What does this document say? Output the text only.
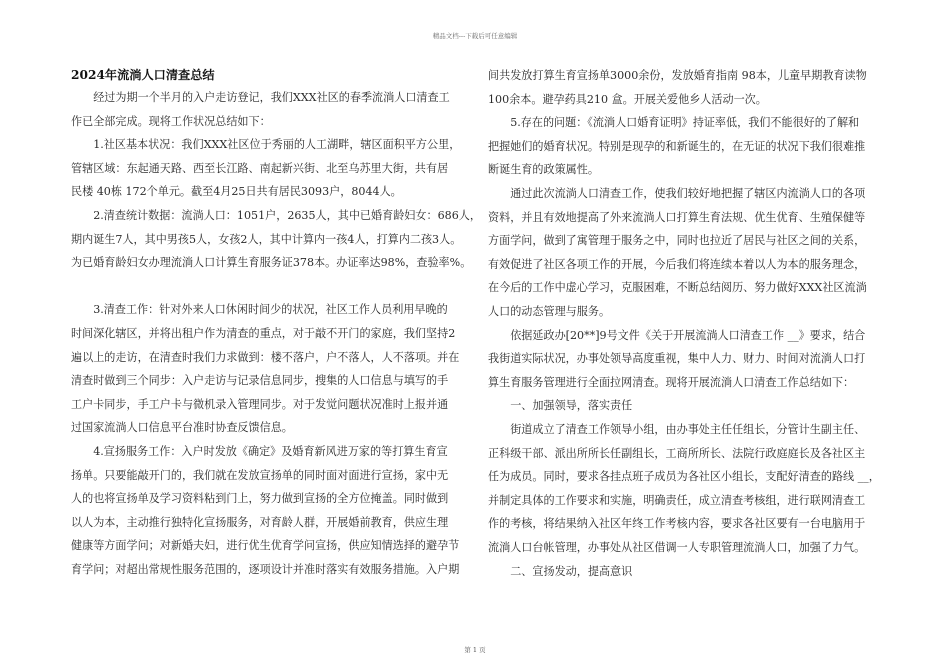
精品文档---下载后可任意编辑
2024年流淌人口清查总结
　　经过为期一个半月的入户走访登记，我们XXX社区的春季流淌人口清查工
作已全部完成。现将工作状况总结如下：
　　1.社区基本状况：我们XXX社区位于秀丽的人工湖畔，辖区面积平方公里，
管辖区域：东起通天路、西至长江路、南起新兴街、北至乌苏里大街，共有居
民楼 40栋 172个单元。截至4月25日共有居民3093户，8044人。
　　2.清查统计数据：流淌人口：1051户，2635人，其中已婚育龄妇女：686人，
期内诞生7人，其中男孩5人，女孩2人，其中计算内一孩4人，打算内二孩3人。
为已婚育龄妇女办理流淌人口计算生育服务证378本。办证率达98%，查验率%。
　　3.清查工作：针对外来人口休闲时间少的状况，社区工作人员利用早晚的
时间深化辖区，并将出租户作为清查的重点，对于敲不开门的家庭，我们坚持2
遍以上的走访，在清查时我们力求做到：楼不落户，户不落人，人不落项。并在
清查时做到三个同步：入户走访与记录信息同步，搜集的人口信息与填写的手
工户卡同步，手工户卡与微机录入管理同步。对于发觉问题状况准时上报并通
过国家流淌人口信息平台准时协查反馈信息。
　　4.宣扬服务工作：入户时发放《确定》及婚育新风进万家的等打算生育宣
扬单。只要能敲开门的，我们就在发放宣扬单的同时面对面进行宣扬，家中无
人的也将宣扬单及学习资料粘到门上，努力做到宣扬的全方位掩盖。同时做到
以人为本，主动推行独特化宣扬服务，对育龄人群，开展婚前教育，供应生理
健康等方面学问；对新婚夫妇，进行优生优育学问宣扬，供应知情选择的避孕节
育学问；对超出常规性服务范围的，逐项设计并准时落实有效服务措施。入户期
间共发放打算生育宣扬单3000余份，发放婚育指南 98本，儿童早期教育读物
100余本。避孕药具210 盒。开展关爱他乡人活动一次。
　　5.存在的问题：《流淌人口婚育证明》持证率低，我们不能很好的了解和
把握她们的婚育状况。特别是现孕的和新诞生的，在无证的状况下我们很难推
断诞生育的政策属性。
　　通过此次流淌人口清查工作，使我们较好地把握了辖区内流淌人口的各项
资料，并且有效地提高了外来流淌人口打算生育法规、优生优育、生殖保健等
方面学问，做到了寓管理于服务之中，同时也拉近了居民与社区之间的关系，
有效促进了社区各项工作的开展，今后我们将连续本着以人为本的服务理念，
在今后的工作中虚心学习，克服困难，不断总结阅历、努力做好XXX社区流淌
人口的动态管理与服务。
　　依据延政办[20**]9号文件《关于开展流淌人口清查工作 __》要求，结合
我街道实际状况，办事处领导高度重视，集中人力、财力、时间对流淌人口打
算生育服务管理进行全面拉网清查。现将开展流淌人口清查工作总结如下：
　　一、加强领导，落实责任
　　街道成立了清查工作领导小组，由办事处主任任组长，分管计生副主任、
正科级干部、派出所所长任副组长，工商所所长、法院行政庭庭长及各社区主
任为成员。同时，要求各挂点班子成员为各社区小组长，支配好清查的路线 __，
并制定具体的工作要求和实施，明确责任，成立清查考核组，进行联网清查工
作的考核，将结果纳入社区年终工作考核内容，要求各社区要有一台电脑用于
流淌人口台帐管理，办事处从社区借调一人专职管理流淌人口，加强了力气。
　　二、宣扬发动，提高意识
第 1 页
